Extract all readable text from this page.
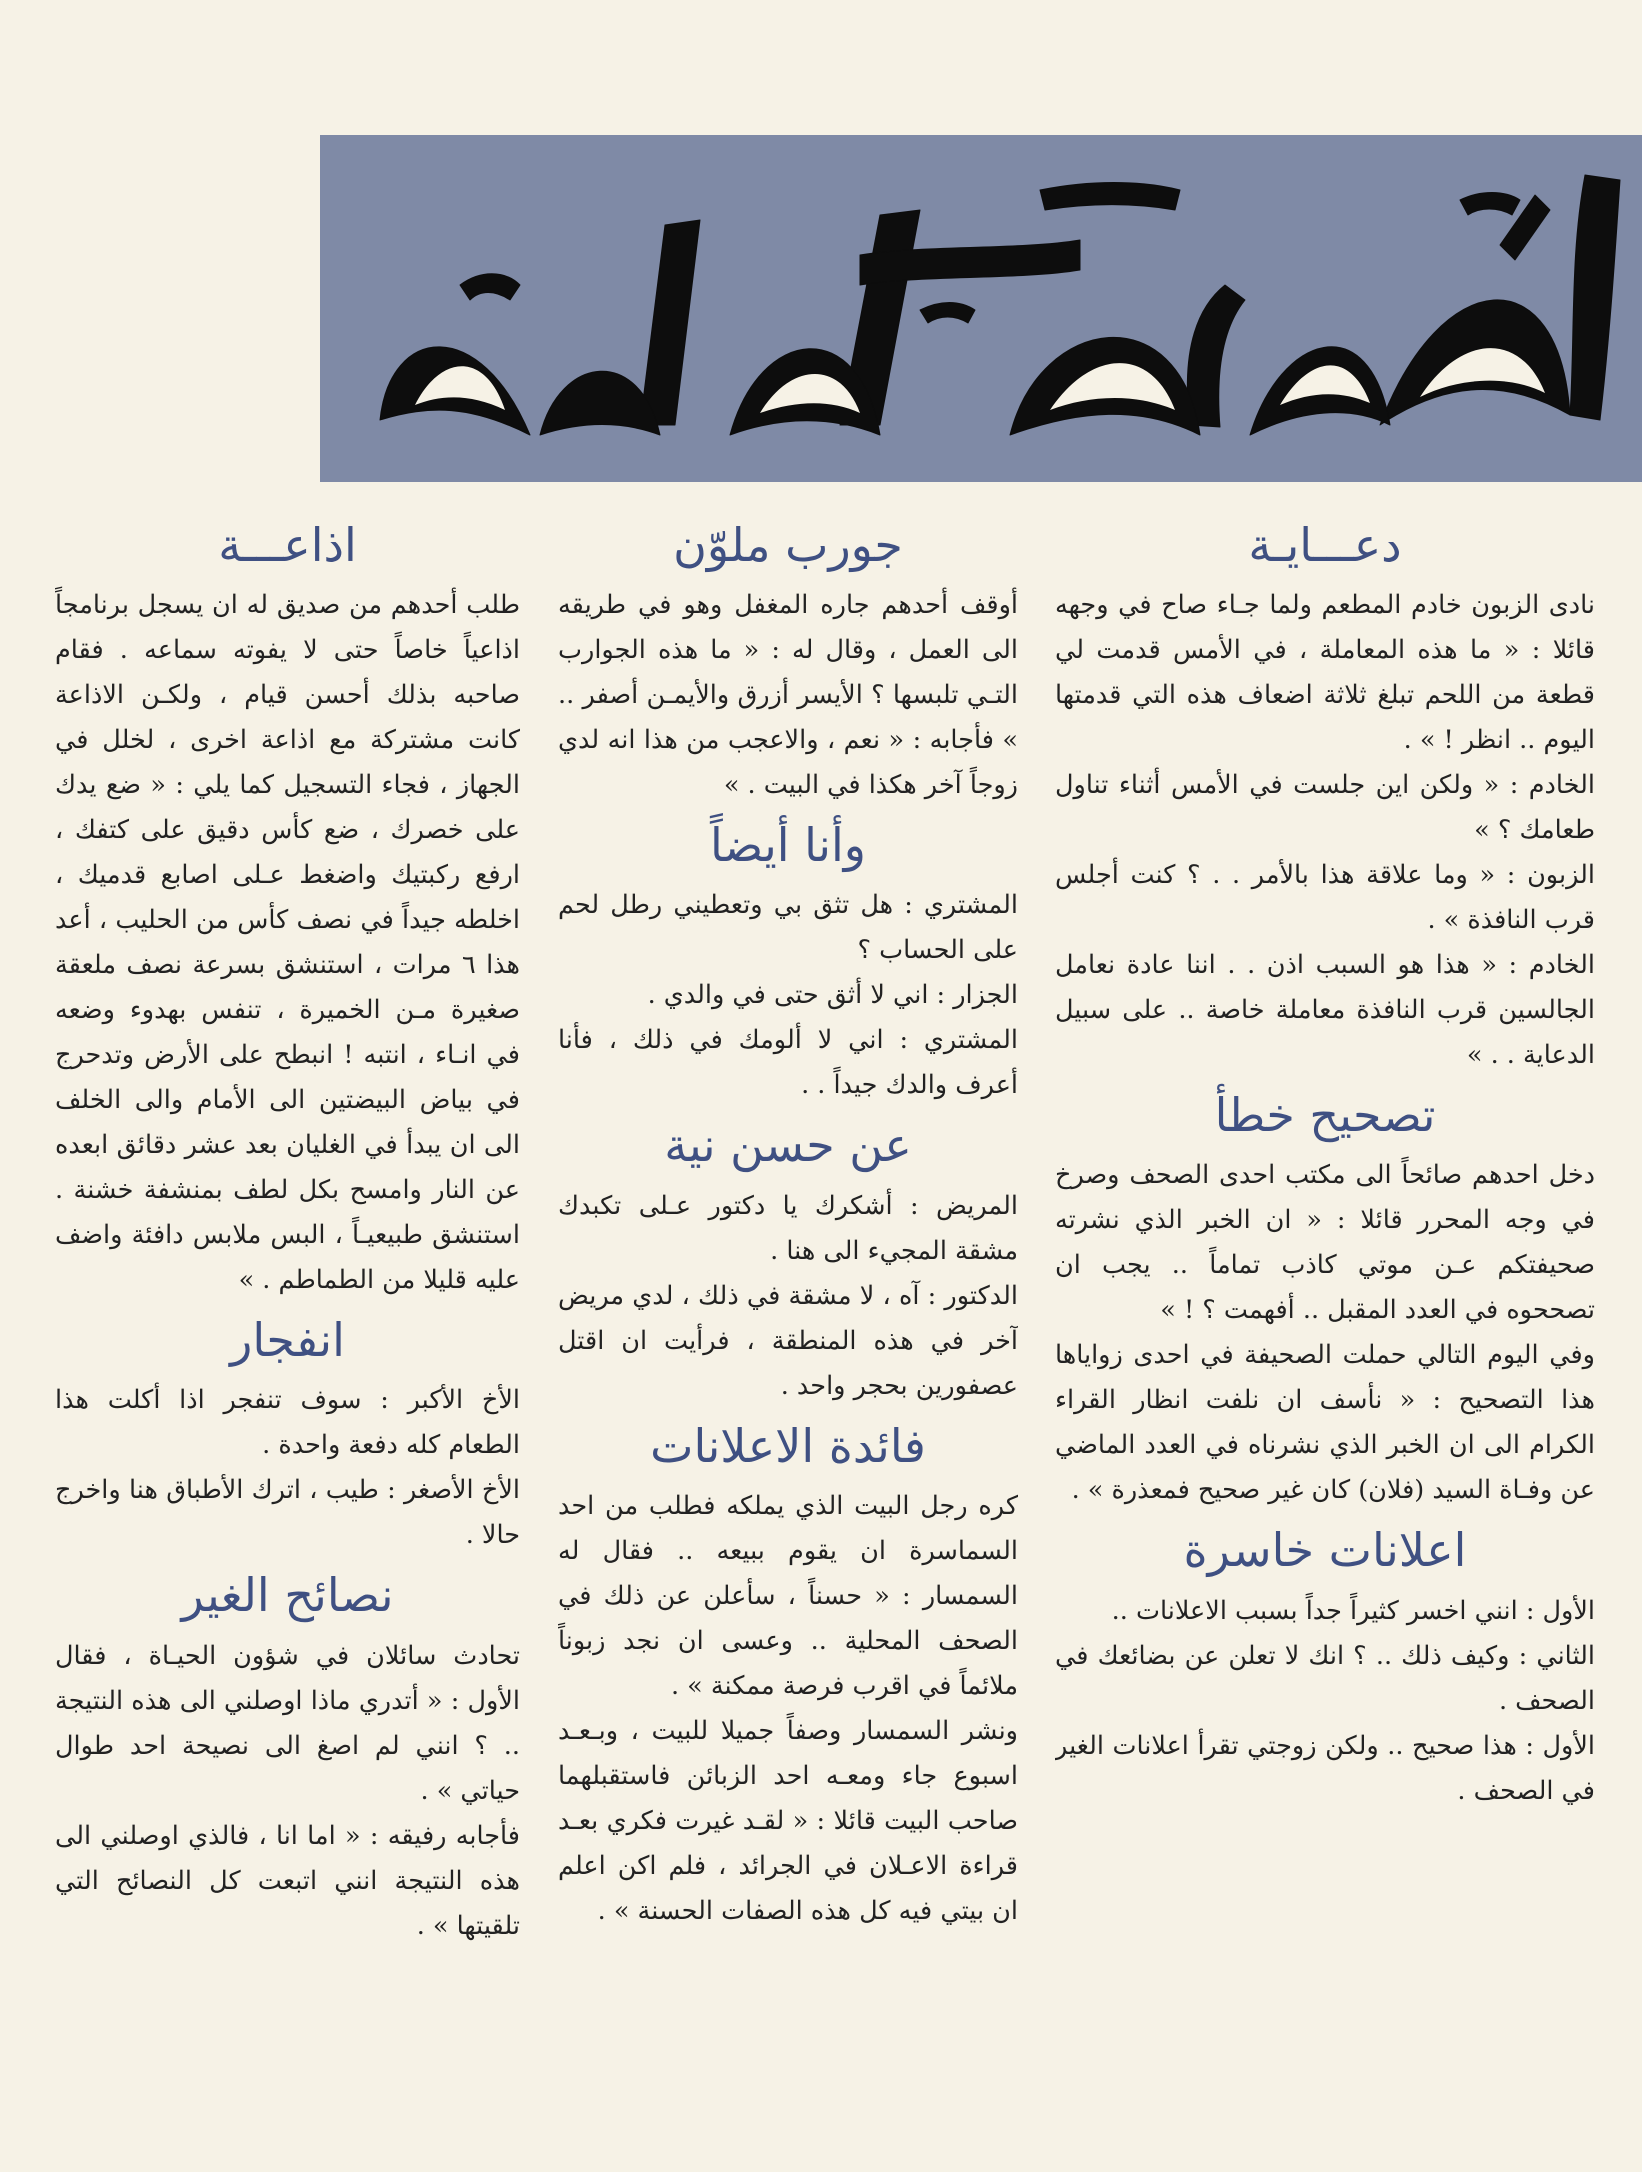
دعـــايـة

نادى الزبون خادم المطعم ولما جـاء صاح في وجهه قائلا : « ما هذه المعاملة ، في الأمس قدمت لي قطعة من اللحم تبلغ ثلاثة اضعاف هذه التي قدمتها اليوم .. انظر ! » .

الخادم : « ولكن اين جلست في الأمس أثناء تناول طعامك ؟ »

الزبون : « وما علاقة هذا بالأمر . . ؟ كنت أجلس قرب النافذة » .

الخادم : « هذا هو السبب اذن . . اننا عادة نعامل الجالسين قرب النافذة معاملة خاصة .. على سبيل الدعاية . . »

تصحيح خطأ

دخل احدهم صائحاً الى مكتب احدى الصحف وصرخ في وجه المحرر قائلا : « ان الخبر الذي نشرته صحيفتكم عـن موتي كاذب تماماً .. يجب ان تصححوه في العدد المقبل .. أفهمت ؟ ! »

وفي اليوم التالي حملت الصحيفة في احدى زواياها هذا التصحيح : « نأسف ان نلفت انظار القراء الكرام الى ان الخبر الذي نشرناه في العدد الماضي عن وفـاة السيد (فلان) كان غير صحيح فمعذرة » .

اعلانات خاسرة

الأول : انني اخسر كثيراً جداً بسبب الاعلانات ..

الثاني : وكيف ذلك .. ؟ انك لا تعلن عن بضائعك في الصحف .

الأول : هذا صحيح .. ولكن زوجتي تقرأ اعلانات الغير في الصحف .

جورب ملوّن

أوقف أحدهم جاره المغفل وهو في طريقه الى العمل ، وقال له : « ما هذه الجوارب التـي تلبسها ؟ الأيسر أزرق والأيمـن أصفر .. » فأجابه : « نعم ، والاعجب من هذا انه لدي زوجاً آخر هكذا في البيت . »

وأنا أيضاً

المشتري : هل تثق بي وتعطيني رطل لحم على الحساب ؟

الجزار : اني لا أثق حتى في والدي .

المشتري : اني لا ألومك في ذلك ، فأنا أعرف والدك جيداً . .

عن حسن نية

المريض : أشكرك يا دكتور عـلى تكبدك مشقة المجيء الى هنا .

الدكتور : آه ، لا مشقة في ذلك ، لدي مريض آخر في هذه المنطقة ، فرأيت ان اقتل عصفورين بحجر واحد .

فائدة الاعلانات

كره رجل البيت الذي يملكه فطلب من احد السماسرة ان يقوم ببيعه .. فقال له السمسار : « حسناً ، سأعلن عن ذلك في الصحف المحلية .. وعسى ان نجد زبوناً ملائماً في اقرب فرصة ممكنة » .

ونشر السمسار وصفاً جميلا للبيت ، وبـعـد اسبوع جاء ومعـه احد الزبائن فاستقبلهما صاحب البيت قائلا : « لقـد غيرت فكري بعـد قراءة الاعـلان في الجرائد ، فلم اكن اعلم ان بيتي فيه كل هذه الصفات الحسنة » .

اذاعـــة

طلب أحدهم من صديق له ان يسجل برنامجاً اذاعياً خاصاً حتى لا يفوته سماعه . فقام صاحبه بذلك أحسن قيام ، ولكـن الاذاعة كانت مشتركة مع اذاعة اخرى ، لخلل في الجهاز ، فجاء التسجيل كما يلي : « ضع يدك على خصرك ، ضع كأس دقيق على كتفك ، ارفع ركبتيك واضغط عـلى اصابع قدميك ، اخلطه جيداً في نصف كأس من الحليب ، أعد هذا ٦ مرات ، استنشق بسرعة نصف ملعقة صغيرة مـن الخميرة ، تنفس بهدوء وضعه في انـاء ، انتبه ! انبطح على الأرض وتدحرج في بياض البيضتين الى الأمام والى الخلف الى ان يبدأ في الغليان بعد عشر دقائق ابعده عن النار وامسح بكل لطف بمنشفة خشنة . استنشق طبيعيـاً ، البس ملابس دافئة واضف عليه قليلا من الطماطم . »

انفجار

الأخ الأكبر : سوف تنفجر اذا أكلت هذا الطعام كله دفعة واحدة .

الأخ الأصغر : طيب ، اترك الأطباق هنا واخرج حالا .

نصائح الغير

تحادث سائلان في شؤون الحيـاة ، فقال الأول : « أتدري ماذا اوصلني الى هذه النتيجة .. ؟ انني لم اصغ الى نصيحة احد طوال حياتي » .

فأجابه رفيقه : « اما انا ، فالذي اوصلني الى هذه النتيجة انني اتبعت كل النصائح التي تلقيتها » .
